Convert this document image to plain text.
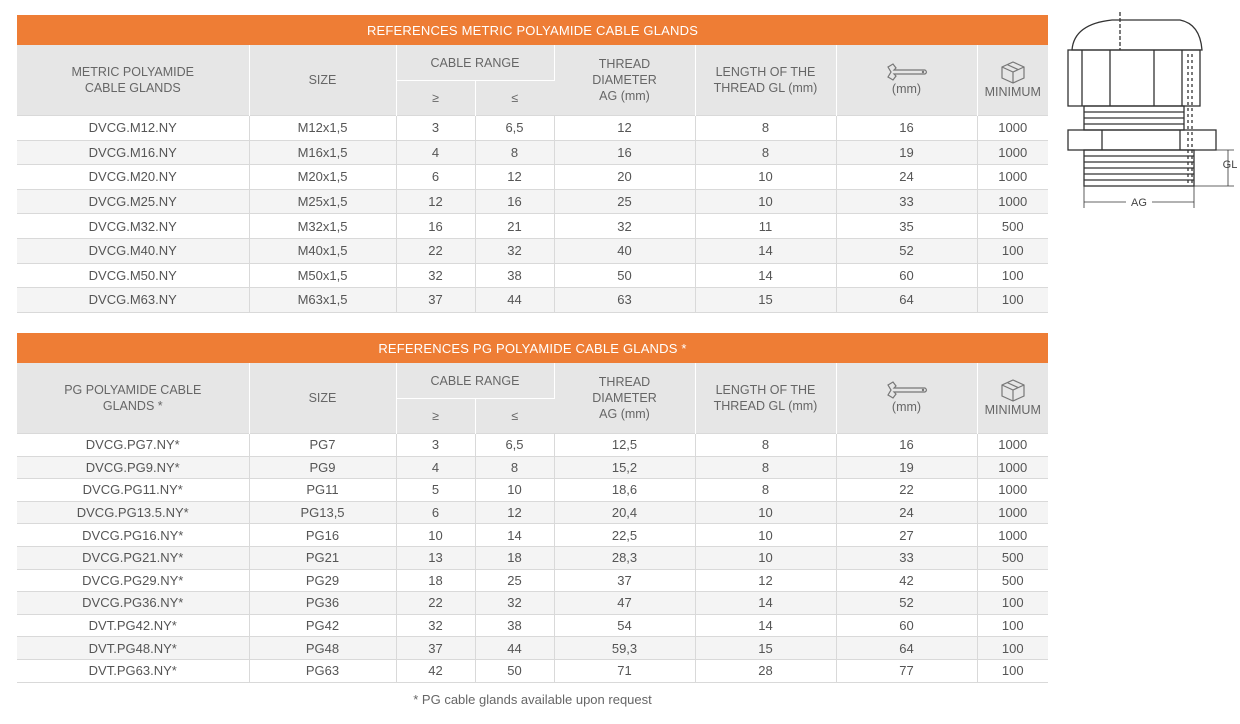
REFERENCES METRIC POLYAMIDE CABLE GLANDS							

METRIC POLYAMIDE CABLE GLANDS	SIZE	CABLE RANGE		THREAD DIAMETER AG (mm)	LENGTH OF THE THREAD GL (mm)	(mm)	MINIMUM

		≥	≤				
DVCG.M12.NY	M12x1,5	3	6,5	12	8	16	1000
DVCG.M16.NY	M16x1,5	4	8	16	8	19	1000
DVCG.M20.NY	M20x1,5	6	12	20	10	24	1000
DVCG.M25.NY	M25x1,5	12	16	25	10	33	1000
DVCG.M32.NY	M32x1,5	16	21	32	11	35	500
DVCG.M40.NY	M40x1,5	22	32	40	14	52	100
DVCG.M50.NY	M50x1,5	32	38	50	14	60	100
DVCG.M63.NY	M63x1,5	37	44	63	15	64	100
REFERENCES PG POLYAMIDE CABLE GLANDS *							

PG POLYAMIDE CABLE GLANDS *	SIZE	CABLE RANGE		THREAD DIAMETER AG (mm)	LENGTH OF THE THREAD GL (mm)	(mm)	MINIMUM

		≥	≤				
DVCG.PG7.NY*	PG7	3	6,5	12,5	8	16	1000
DVCG.PG9.NY*	PG9	4	8	15,2	8	19	1000
DVCG.PG11.NY*	PG11	5	10	18,6	8	22	1000
DVCG.PG13.5.NY*	PG13,5	6	12	20,4	10	24	1000
DVCG.PG16.NY*	PG16	10	14	22,5	10	27	1000
DVCG.PG21.NY*	PG21	13	18	28,3	10	33	500
DVCG.PG29.NY*	PG29	18	25	37	12	42	500
DVCG.PG36.NY*	PG36	22	32	47	14	52	100
DVT.PG42.NY*	PG42	32	38	54	14	60	100
DVT.PG48.NY*	PG48	37	44	59,3	15	64	100
DVT.PG63.NY*	PG63	42	50	71	28	77	100
GL
AG
* PG cable glands available upon request
